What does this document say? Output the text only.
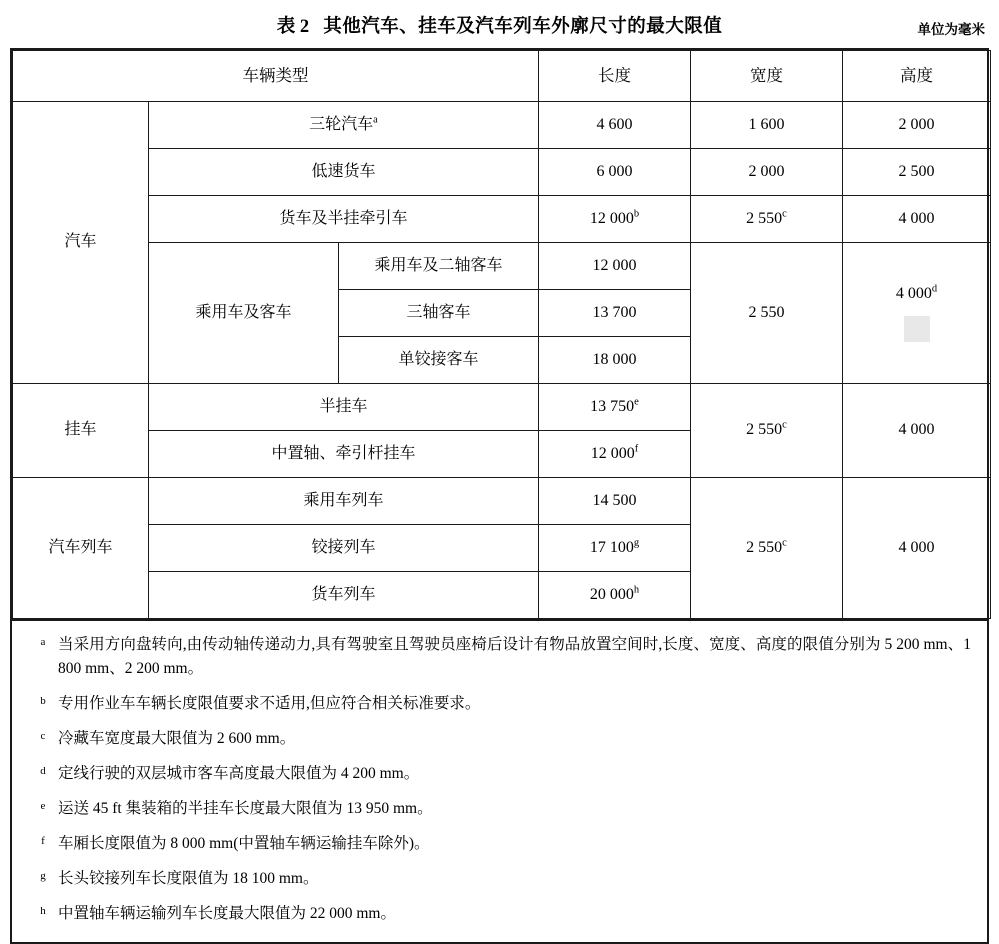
表 2 其他汽车、挂车及汽车列车外廓尺寸的最大限值	单位为毫米
车辆类型			长度	宽度	高度
汽车	三轮汽车$^a$		4 600	1 600	2 000
	低速货车		6 000	2 000	2 500
	货车及半挂牵引车		12 000$^b$	2 550$^c$	4 000
	乘用车及客车	乘用车及二轴客车	12 000	2 550	4 000$^d$

		三轴客车	13 700		
		单铰接客车	18 000		
挂车	半挂车		13 750e	2 550$^c$	4 000
	中置轴、牵引杆挂车		12 000$^f$
汽车列车	乘用车列车		14 500	2 550$^c$	4 000
	铰接列车		17 100$^g$
	货车列车		20 000$^h$
a 当采用方向盘转向,由传动轴传递动力,具有驾驶室且驾驶员座椅后设计有物品放置空间时,长度、宽度、高度的限值分别为 5 200 mm、1 800 mm、2 200 mm。
b 专用作业车车辆长度限值要求不适用,但应符合相关标准要求。
c 冷藏车宽度最大限值为 2 600 mm。
d 定线行驶的双层城市客车高度最大限值为 4 200 mm。
e 运送 45 ft 集装箱的半挂车长度最大限值为 13 950 mm。
f 车厢长度限值为 8 000 mm(中置轴车辆运输挂车除外)。
g 长头铰接列车长度限值为 18 100 mm。
h 中置轴车辆运输列车长度最大限值为 22 000 mm。
